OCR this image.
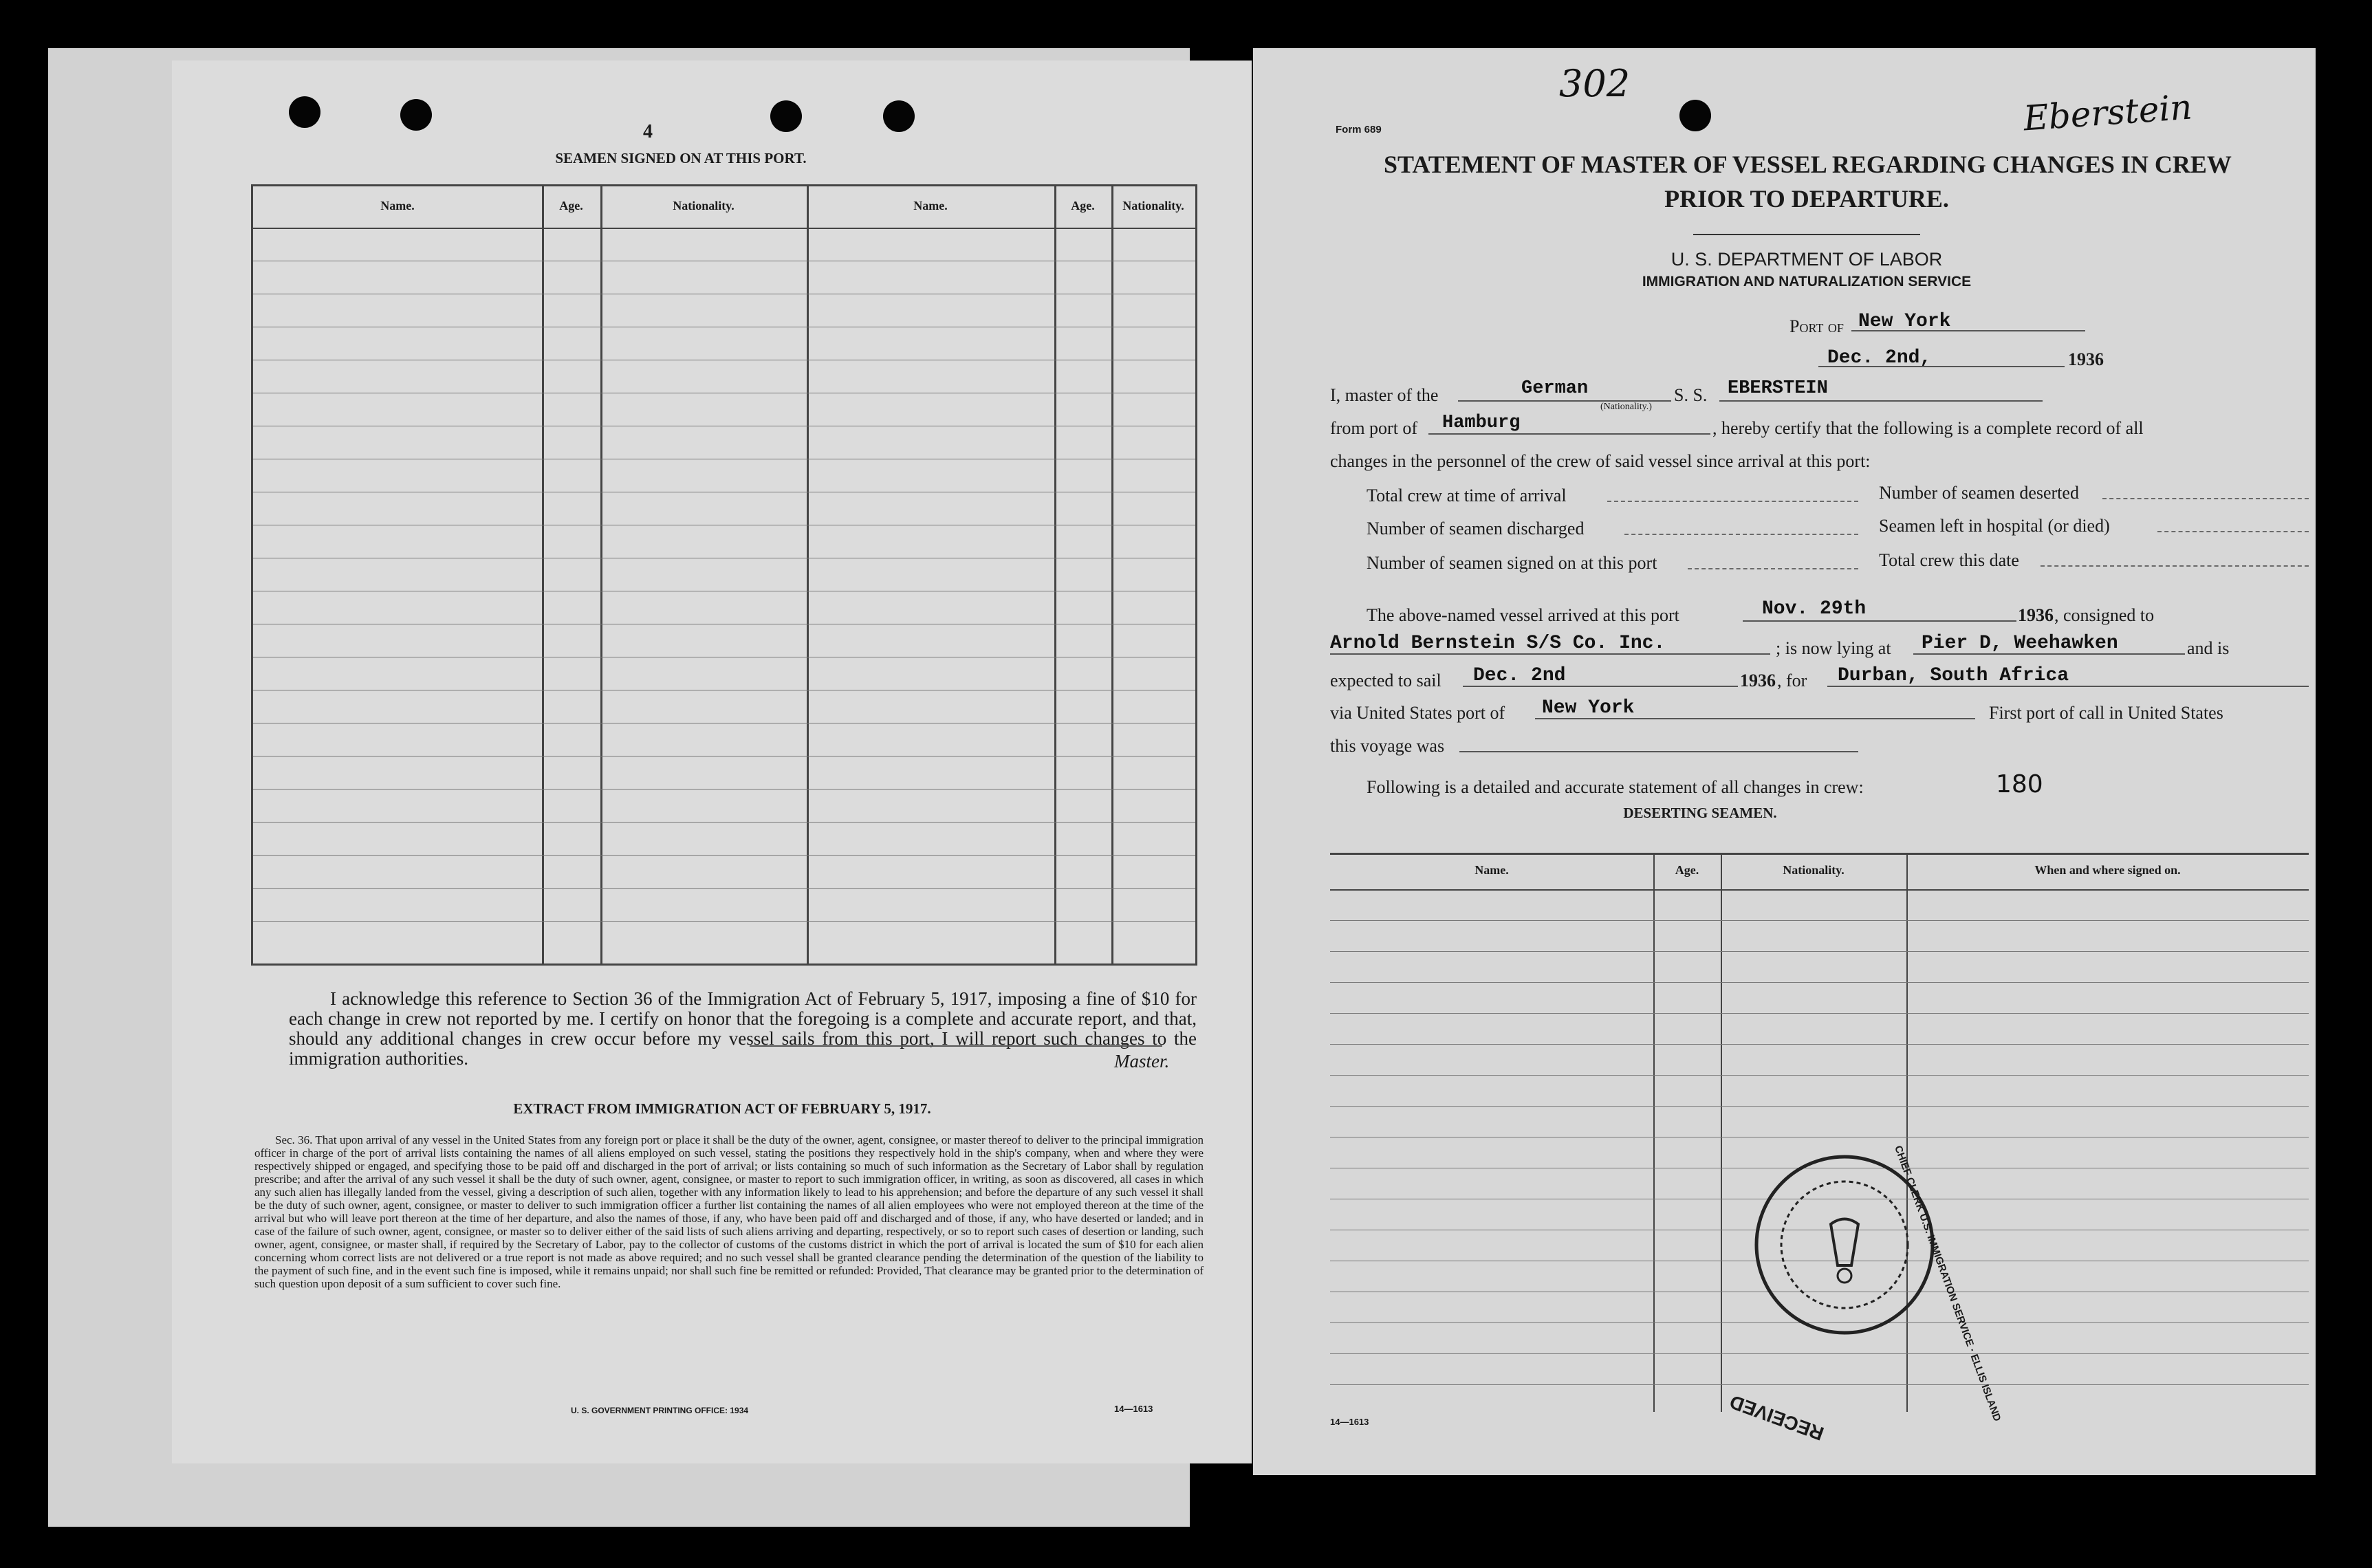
4
SEAMEN SIGNED ON AT THIS PORT.
Name.	Age.	Nationality.	Name.	Age.	Nationality.
I acknowledge this reference to Section 36 of the Immigration Act of February 5, 1917, imposing a fine of $10 for each change in crew not reported by me. I certify on honor that the foregoing is a complete and accurate report, and that, should any additional changes in crew occur before my vessel sails from this port, I will report such changes to the immigration authorities.	Master.
EXTRACT FROM IMMIGRATION ACT OF FEBRUARY 5, 1917.
Sec. 36. That upon arrival of any vessel in the United States from any foreign port or place it shall be the duty of the owner, agent, consignee, or master thereof to deliver to the principal immigration officer in charge of the port of arrival lists containing the names of all aliens employed on such vessel, stating the positions they respectively hold in the ship's company, when and where they were respectively shipped or engaged, and specifying those to be paid off and discharged in the port of arrival; or lists containing so much of such information as the Secretary of Labor shall by regulation prescribe; and after the arrival of any such vessel it shall be the duty of such owner, agent, consignee, or master to report to such immigration officer, in writing, as soon as discovered, all cases in which any such alien has illegally landed from the vessel, giving a description of such alien, together with any information likely to lead to his apprehension; and before the departure of any such vessel it shall be the duty of such owner, agent, consignee, or master to deliver to such immigration officer a further list containing the names of all alien employees who were not employed thereon at the time of the arrival but who will leave port thereon at the time of her departure, and also the names of those, if any, who have been paid off and discharged and of those, if any, who have deserted or landed; and in case of the failure of such owner, agent, consignee, or master so to deliver either of the said lists of such aliens arriving and departing, respectively, or so to report such cases of desertion or landing, such owner, agent, consignee, or master shall, if required by the Secretary of Labor, pay to the collector of customs of the customs district in which the port of arrival is located the sum of $10 for each alien concerning whom correct lists are not delivered or a true report is not made as above required; and no such vessel shall be granted clearance pending the determination of the question of the liability to the payment of such fine, and in the event such fine is imposed, while it remains unpaid; nor shall such fine be remitted or refunded: Provided, That clearance may be granted prior to the determination of such question upon deposit of a sum sufficient to cover such fine.
U. S. GOVERNMENT PRINTING OFFICE: 1934	14—1613
302
Eberstein
Form 689
STATEMENT OF MASTER OF VESSEL REGARDING CHANGES IN CREW
PRIOR TO DEPARTURE.
U. S. DEPARTMENT OF LABOR
IMMIGRATION AND NATURALIZATION SERVICE
Port of New York
Dec. 2nd,	1936
I, master of the	German
(Nationality.)
S. S. EBERSTEIN
from port of Hamburg	, hereby certify that the following is a complete record of all
changes in the personnel of the crew of said vessel since arrival at this port:
Total crew at time of arrival	Number of seamen deserted
Number of seamen discharged	Seamen left in hospital (or died)
Number of seamen signed on at this port	Total crew this date
The above-named vessel arrived at this port	Nov. 29th	1936 , consigned to
Arnold Bernstein S/S Co. Inc.	; is now lying at Pier D, Weehawken	and is
expected to sail Dec. 2nd	1936 , for Durban, South Africa
via United States port of New York	First port of call in United States
this voyage was
Following is a detailed and accurate statement of all changes in crew:	180
DESERTING SEAMEN.
Name.	Age.	Nationality.	When and where signed on.
CHIEF CLERK U.S. IMMIGRATION SERVICE · ELLIS ISLAND
RECEIVED
14—1613
